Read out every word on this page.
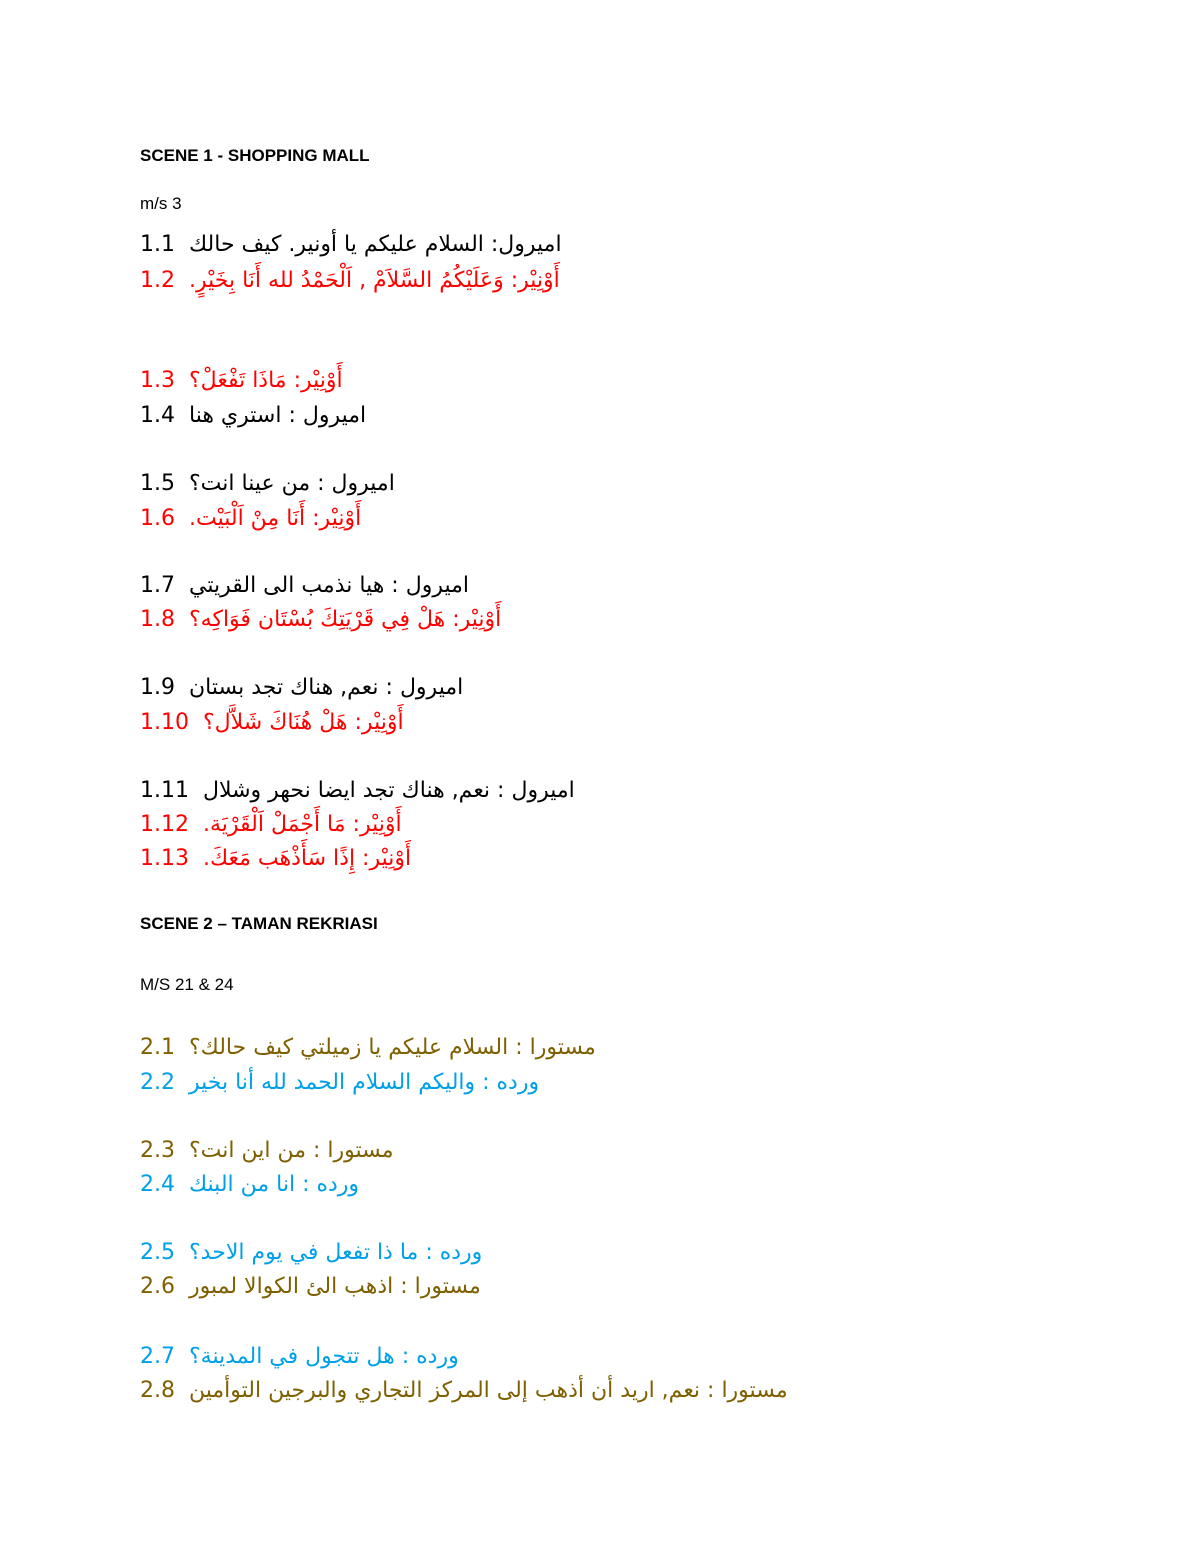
SCENE 1 - SHOPPING MALL
m/s 3
1.1 اميرول: السلام عليكم يا أونير. كيف حالك
1.2 أَوْنِيْر: وَعَلَيْكُمُ السَّلاَمْ , اَلْحَمْدُ لله أَنَا بِخَيْرٍ.
1.3 أَوْنِيْر: مَاذَا تَفْعَلْ؟
1.4 اميرول : استري هنا
1.5 اميرول : من عينا انت؟
1.6 أَوْنِيْر: أَنَا مِنْ اَلْبَيْت.
1.7 اميرول : هيا نذمب الى القريتي
1.8 أَوْنِيْر: هَلْ فِي قَرْيَتِكَ بُسْتَان فَوَاكِه؟
1.9 اميرول : نعم, هناك تجد بستان
1.10 أَوْنِيْر: هَلْ هُنَاكَ شَلاَّل؟
1.11 اميرول : نعم, هناك تجد ايضا نحهر وشلال
1.12 أَوْنِيْر: مَا أَجْمَلْ اَلْقَرْيَة.
1.13 أَوْنِيْر: إِذًا سَأَذْهَب مَعَكَ.
SCENE 2 – TAMAN REKRIASI
M/S 21 & 24
2.1 مستورا : السلام عليكم يا زميلتي كيف حالك؟
2.2 ورده : واليكم السلام الحمد لله أنا بخير
2.3 مستورا : من اين انت؟
2.4 ورده : انا من البنك
2.5 ورده : ما ذا تفعل في يوم الاحد؟
2.6 مستورا : اذهب الئ الكوالا لمبور
2.7 ورده : هل تتجول في المدينة؟
2.8 مستورا : نعم, اريد أن أذهب إلى المركز التجاري والبرجين التوأمين
